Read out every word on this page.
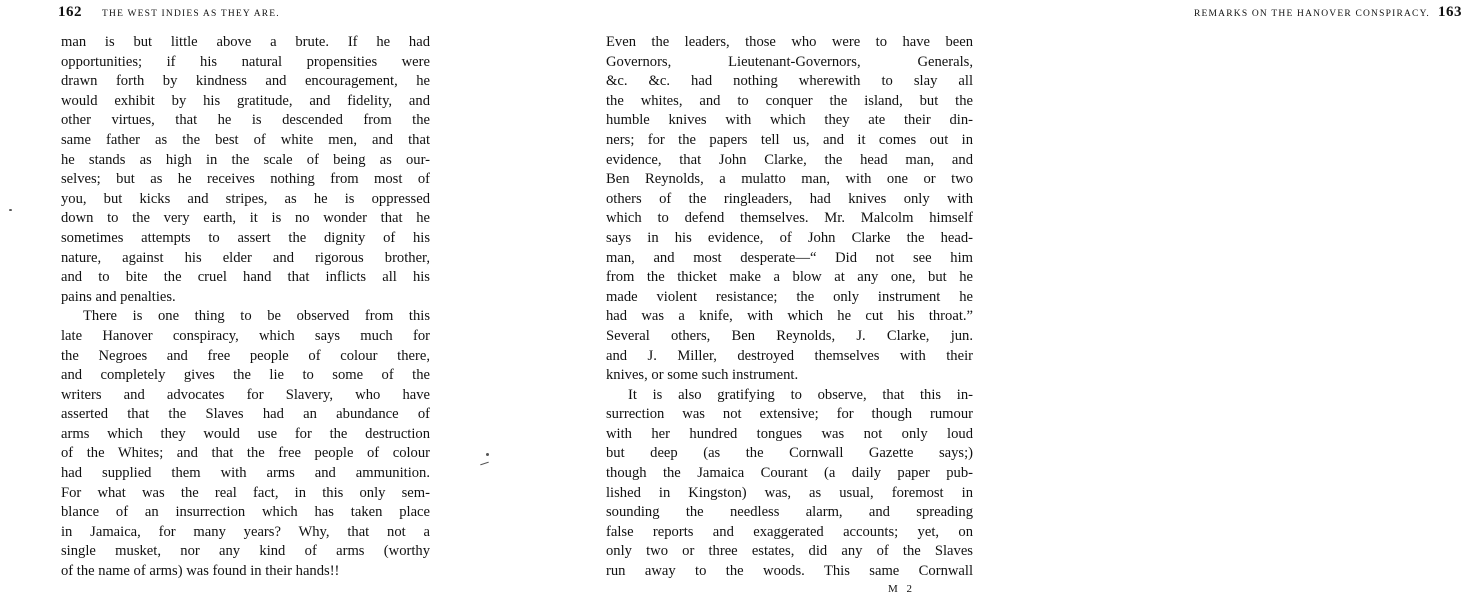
162 THE WEST INDIES AS THEY ARE.
man is but little above a brute. If he had
opportunities; if his natural propensities were
drawn forth by kindness and encouragement, he
would exhibit by his gratitude, and fidelity, and
other virtues, that he is descended from the
same father as the best of white men, and that
he stands as high in the scale of being as our-
selves; but as he receives nothing from most of
you, but kicks and stripes, as he is oppressed
down to the very earth, it is no wonder that he
sometimes attempts to assert the dignity of his
nature, against his elder and rigorous brother,
and to bite the cruel hand that inflicts all his
pains and penalties.
There is one thing to be observed from this
late Hanover conspiracy, which says much for
the Negroes and free people of colour there,
and completely gives the lie to some of the
writers and advocates for Slavery, who have
asserted that the Slaves had an abundance of
arms which they would use for the destruction
of the Whites; and that the free people of colour
had supplied them with arms and ammunition.
For what was the real fact, in this only sem-
blance of an insurrection which has taken place
in Jamaica, for many years? Why, that not a
single musket, nor any kind of arms (worthy
of the name of arms) was found in their hands!!
REMARKS ON THE HANOVER CONSPIRACY. 163
Even the leaders, those who were to have been
Governors, Lieutenant-Governors, Generals,
&c. &c. had nothing wherewith to slay all
the whites, and to conquer the island, but the
humble knives with which they ate their din-
ners; for the papers tell us, and it comes out in
evidence, that John Clarke, the head man, and
Ben Reynolds, a mulatto man, with one or two
others of the ringleaders, had knives only with
which to defend themselves. Mr. Malcolm himself
says in his evidence, of John Clarke the head-
man, and most desperate—“ Did not see him
from the thicket make a blow at any one, but he
made violent resistance; the only instrument he
had was a knife, with which he cut his throat.”
Several others, Ben Reynolds, J. Clarke, jun.
and J. Miller, destroyed themselves with their
knives, or some such instrument.
It is also gratifying to observe, that this in-
surrection was not extensive; for though rumour
with her hundred tongues was not only loud
but deep (as the Cornwall Gazette says;)
though the Jamaica Courant (a daily paper pub-
lished in Kingston) was, as usual, foremost in
sounding the needless alarm, and spreading
false reports and exaggerated accounts; yet, on
only two or three estates, did any of the Slaves
run away to the woods. This same Cornwall
M 2
